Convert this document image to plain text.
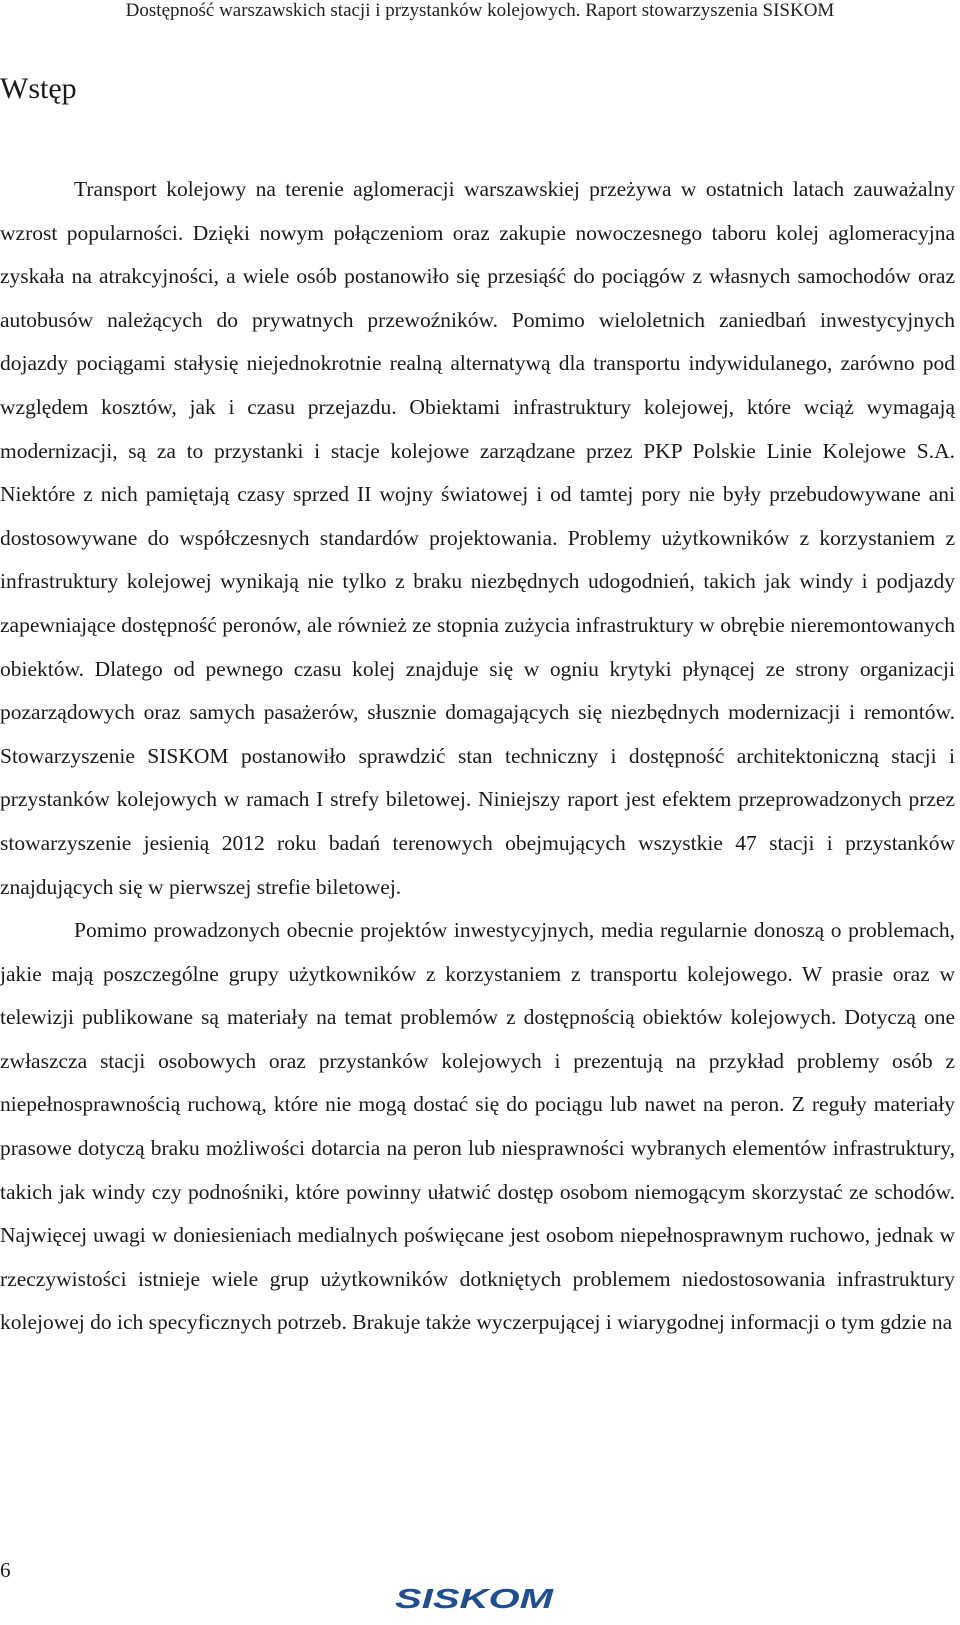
Dostępność warszawskich stacji i przystanków kolejowych. Raport stowarzyszenia SISKOM
Wstęp

Transport kolejowy na terenie aglomeracji warszawskiej przeżywa w ostatnich latach zauważalny wzrost popularności. Dzięki nowym połączeniom oraz zakupie nowoczesnego taboru kolej aglomeracyjna zyskała na atrakcyjności, a wiele osób postanowiło się przesiąść do pociągów z własnych samochodów oraz autobusów należących do prywatnych przewoźników. Pomimo wieloletnich zaniedbań inwestycyjnych dojazdy pociągami stałysię niejednokrotnie realną alternatywą dla transportu indywidulanego, zarówno pod względem kosztów, jak i czasu przejazdu. Obiektami infrastruktury kolejowej, które wciąż wymagają modernizacji, są za to przystanki i stacje kolejowe zarządzane przez PKP Polskie Linie Kolejowe S.A. Niektóre z nich pamiętają czasy sprzed II wojny światowej i od tamtej pory nie były przebudowywane ani dostosowywane do współczesnych standardów projektowania. Problemy użytkowników z korzystaniem z infrastruktury kolejowej wynikają nie tylko z braku niezbędnych udogodnień, takich jak windy i podjazdy zapewniające dostępność peronów, ale również ze stopnia zużycia infrastruktury w obrębie nieremontowanych obiektów. Dlatego od pewnego czasu kolej znajduje się w ogniu krytyki płynącej ze strony organizacji pozarządowych oraz samych pasażerów, słusznie domagających się niezbędnych modernizacji i remontów. Stowarzyszenie SISKOM postanowiło sprawdzić stan techniczny i dostępność architektoniczną stacji i przystanków kolejowych w ramach I strefy biletowej. Niniejszy raport jest efektem przeprowadzonych przez stowarzyszenie jesienią 2012 roku badań terenowych obejmujących wszystkie 47 stacji i przystanków znajdujących się w pierwszej strefie biletowej.

Pomimo prowadzonych obecnie projektów inwestycyjnych, media regularnie donoszą o problemach, jakie mają poszczególne grupy użytkowników z korzystaniem z transportu kolejowego. W prasie oraz w telewizji publikowane są materiały na temat problemów z dostępnością obiektów kolejowych. Dotyczą one zwłaszcza stacji osobowych oraz przystanków kolejowych i prezentują na przykład problemy osób z niepełnosprawnością ruchową, które nie mogą dostać się do pociągu lub nawet na peron. Z reguły materiały prasowe dotyczą braku możliwości dotarcia na peron lub niesprawności wybranych elementów infrastruktury, takich jak windy czy podnośniki, które powinny ułatwić dostęp osobom niemogącym skorzystać ze schodów. Najwięcej uwagi w doniesieniach medialnych poświęcane jest osobom niepełnosprawnym ruchowo, jednak w rzeczywistości istnieje wiele grup użytkowników dotkniętych problemem niedostosowania infrastruktury kolejowej do ich specyficznych potrzeb. Brakuje także wyczerpującej i wiarygodnej informacji o tym gdzie na

6
SISKOM
